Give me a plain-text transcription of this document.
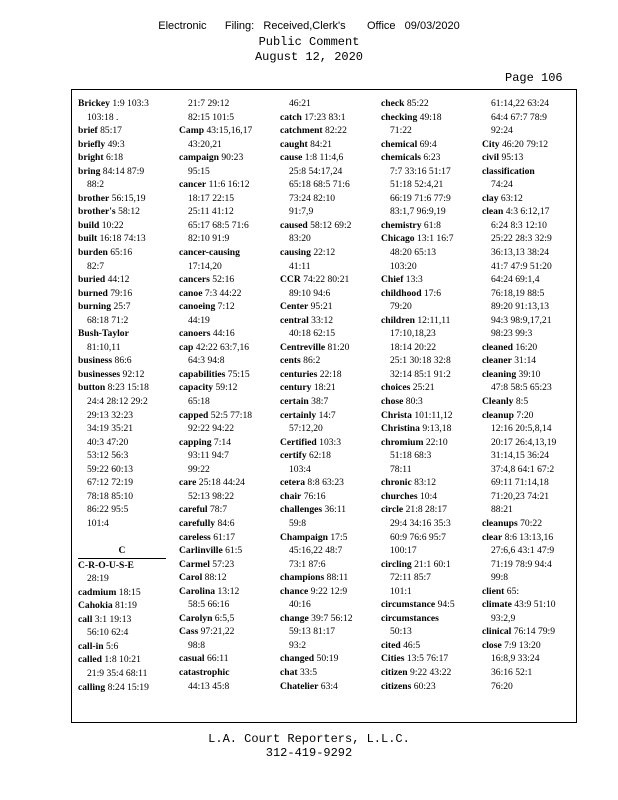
Electronic      Filing:   Received,Clerk's       Office   09/03/2020
Public Comment
August 12, 2020
Page 106
Brickey 1:9 103:3
103:18 .
brief 85:17
briefly 49:3
bright 6:18
bring 84:14 87:9
88:2
brother 56:15,19
brother's 58:12
build 10:22
built 16:18 74:13
burden 65:16
82:7
buried 44:12
burned 79:16
burning 25:7
68:18 71:2
Bush-Taylor
81:10,11
business 86:6
businesses 92:12
button 8:23 15:18
24:4 28:12 29:2
29:13 32:23
34:19 35:21
40:3 47:20
53:12 56:3
59:22 60:13
67:12 72:19
78:18 85:10
86:22 95:5
101:4

C
C-R-O-U-S-E
28:19
cadmium 18:15
Cahokia 81:19
call 3:1 19:13
56:10 62:4
call-in 5:6
called 1:8 10:21
21:9 35:4 68:11
calling 8:24 15:19
21:7 29:12
82:15 101:5
Camp 43:15,16,17
43:20,21
campaign 90:23
95:15
cancer 11:6 16:12
18:17 22:15
25:11 41:12
65:17 68:5 71:6
82:10 91:9
cancer-causing
17:14,20
cancers 52:16
canoe 7:3 44:22
canoeing 7:12
44:19
canoers 44:16
cap 42:22 63:7,16
64:3 94:8
capabilities 75:15
capacity 59:12
65:18
capped 52:5 77:18
92:22 94:22
capping 7:14
93:11 94:7
99:22
care 25:18 44:24
52:13 98:22
careful 78:7
carefully 84:6
careless 61:17
Carlinville 61:5
Carmel 57:23
Carol 88:12
Carolina 13:12
58:5 66:16
Carolyn 6:5,5
Cass 97:21,22
98:8
casual 66:11
catastrophic
44:13 45:8
46:21
catch 17:23 83:1
catchment 82:22
caught 84:21
cause 1:8 11:4,6
25:8 54:17,24
65:18 68:5 71:6
73:24 82:10
91:7,9
caused 58:12 69:2
83:20
causing 22:12
41:11
CCR 74:22 80:21
89:10 94:6
Center 95:21
central 33:12
40:18 62:15
Centreville 81:20
cents 86:2
centuries 22:18
century 18:21
certain 38:7
certainly 14:7
57:12,20
Certified 103:3
certify 62:18
103:4
cetera 8:8 63:23
chair 76:16
challenges 36:11
59:8
Champaign 17:5
45:16,22 48:7
73:1 87:6
champions 88:11
chance 9:22 12:9
40:16
change 39:7 56:12
59:13 81:17
93:2
changed 50:19
chat 33:5
Chatelier 63:4
check 85:22
checking 49:18
71:22
chemical 69:4
chemicals 6:23
7:7 33:16 51:17
51:18 52:4,21
66:19 71:6 77:9
83:1,7 96:9,19
chemistry 61:8
Chicago 13:1 16:7
48:20 65:13
103:20
Chief 13:3
childhood 17:6
79:20
children 12:11,11
17:10,18,23
18:14 20:22
25:1 30:18 32:8
32:14 85:1 91:2
choices 25:21
chose 80:3
Christa 101:11,12
Christina 9:13,18
chromium 22:10
51:18 68:3
78:11
chronic 83:12
churches 10:4
circle 21:8 28:17
29:4 34:16 35:3
60:9 76:6 95:7
100:17
circling 21:1 60:1
72:11 85:7
101:1
circumstance 94:5
circumstances
50:13
cited 46:5
Cities 13:5 76:17
citizen 9:22 43:22
citizens 60:23
61:14,22 63:24
64:4 67:7 78:9
92:24
City 46:20 79:12
civil 95:13
classification
74:24
clay 63:12
clean 4:3 6:12,17
6:24 8:3 12:10
25:22 28:3 32:9
36:13,13 38:24
41:7 47:9 51:20
64:24 69:1,4
76:18,19 88:5
89:20 91:13,13
94:3 98:9,17,21
98:23 99:3
cleaned 16:20
cleaner 31:14
cleaning 39:10
47:8 58:5 65:23
Cleanly 8:5
cleanup 7:20
12:16 20:5,8,14
20:17 26:4,13,19
31:14,15 36:24
37:4,8 64:1 67:2
69:11 71:14,18
71:20,23 74:21
88:21
cleanups 70:22
clear 8:6 13:13,16
27:6,6 43:1 47:9
71:19 78:9 94:4
99:8
client 65:
climate 43:9 51:10
93:2,9
clinical 76:14 79:9
close 7:9 13:20
16:8,9 33:24
36:16 52:1
76:20
L.A. Court Reporters, L.L.C.
312-419-9292
